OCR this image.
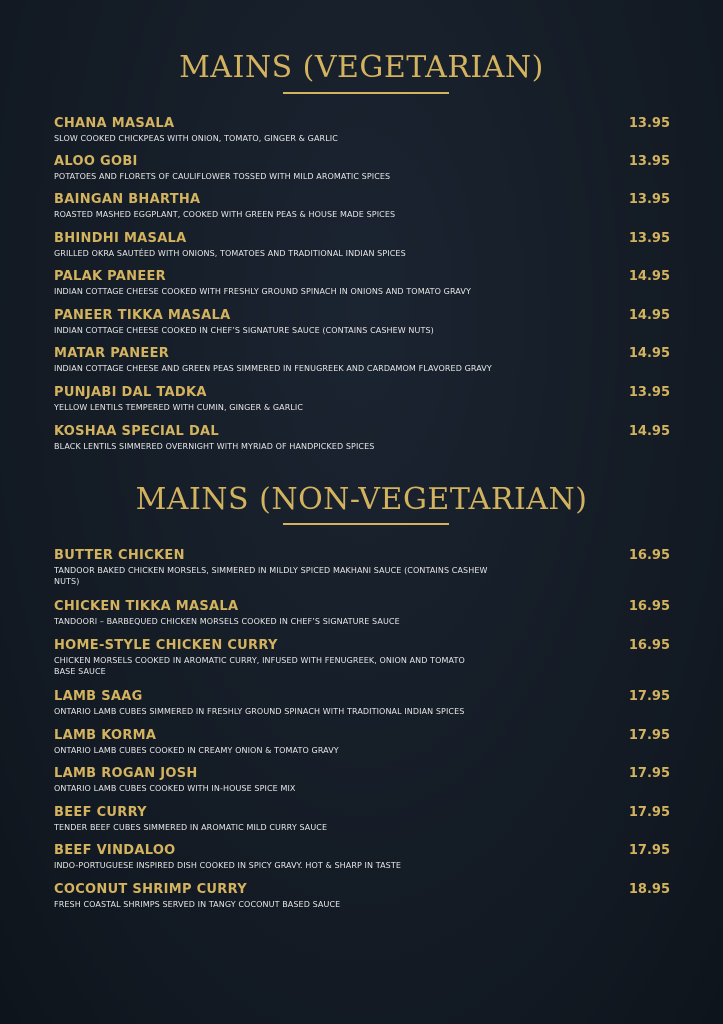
MAINS (VEGETARIAN)
CHANA MASALA	13.95
SLOW COOKED CHICKPEAS WITH ONION, TOMATO, GINGER & GARLIC
ALOO GOBI	13.95
POTATOES AND FLORETS OF CAULIFLOWER TOSSED WITH MILD AROMATIC SPICES
BAINGAN BHARTHA	13.95
ROASTED MASHED EGGPLANT, COOKED WITH GREEN PEAS & HOUSE MADE SPICES
BHINDHI MASALA	13.95
GRILLED OKRA SAUTÉED WITH ONIONS, TOMATOES AND TRADITIONAL INDIAN SPICES
PALAK PANEER	14.95
INDIAN COTTAGE CHEESE COOKED WITH FRESHLY GROUND SPINACH IN ONIONS AND TOMATO GRAVY
PANEER TIKKA MASALA	14.95
INDIAN COTTAGE CHEESE COOKED IN CHEF’S SIGNATURE SAUCE (CONTAINS CASHEW NUTS)
MATAR PANEER	14.95
INDIAN COTTAGE CHEESE AND GREEN PEAS SIMMERED IN FENUGREEK AND CARDAMOM FLAVORED GRAVY
PUNJABI DAL TADKA	13.95
YELLOW LENTILS TEMPERED WITH CUMIN, GINGER & GARLIC
KOSHAA SPECIAL DAL	14.95
BLACK LENTILS SIMMERED OVERNIGHT WITH MYRIAD OF HANDPICKED SPICES
MAINS (NON-VEGETARIAN)
BUTTER CHICKEN	16.95
TANDOOR BAKED CHICKEN MORSELS, SIMMERED IN MILDLY SPICED MAKHANI SAUCE (CONTAINS CASHEW NUTS)
CHICKEN TIKKA MASALA	16.95
TANDOORI – BARBEQUED CHICKEN MORSELS COOKED IN CHEF’S SIGNATURE SAUCE
HOME-STYLE CHICKEN CURRY	16.95
CHICKEN MORSELS COOKED IN AROMATIC CURRY, INFUSED WITH FENUGREEK, ONION AND TOMATO BASE SAUCE
LAMB SAAG	17.95
ONTARIO LAMB CUBES SIMMERED IN FRESHLY GROUND SPINACH WITH TRADITIONAL INDIAN SPICES
LAMB KORMA	17.95
ONTARIO LAMB CUBES COOKED IN CREAMY ONION & TOMATO GRAVY
LAMB ROGAN JOSH	17.95
ONTARIO LAMB CUBES COOKED WITH IN-HOUSE SPICE MIX
BEEF CURRY	17.95
TENDER BEEF CUBES SIMMERED IN AROMATIC MILD CURRY SAUCE
BEEF VINDALOO	17.95
INDO-PORTUGUESE INSPIRED DISH COOKED IN SPICY GRAVY. HOT & SHARP IN TASTE
COCONUT SHRIMP CURRY	18.95
FRESH COASTAL SHRIMPS SERVED IN TANGY COCONUT BASED SAUCE
